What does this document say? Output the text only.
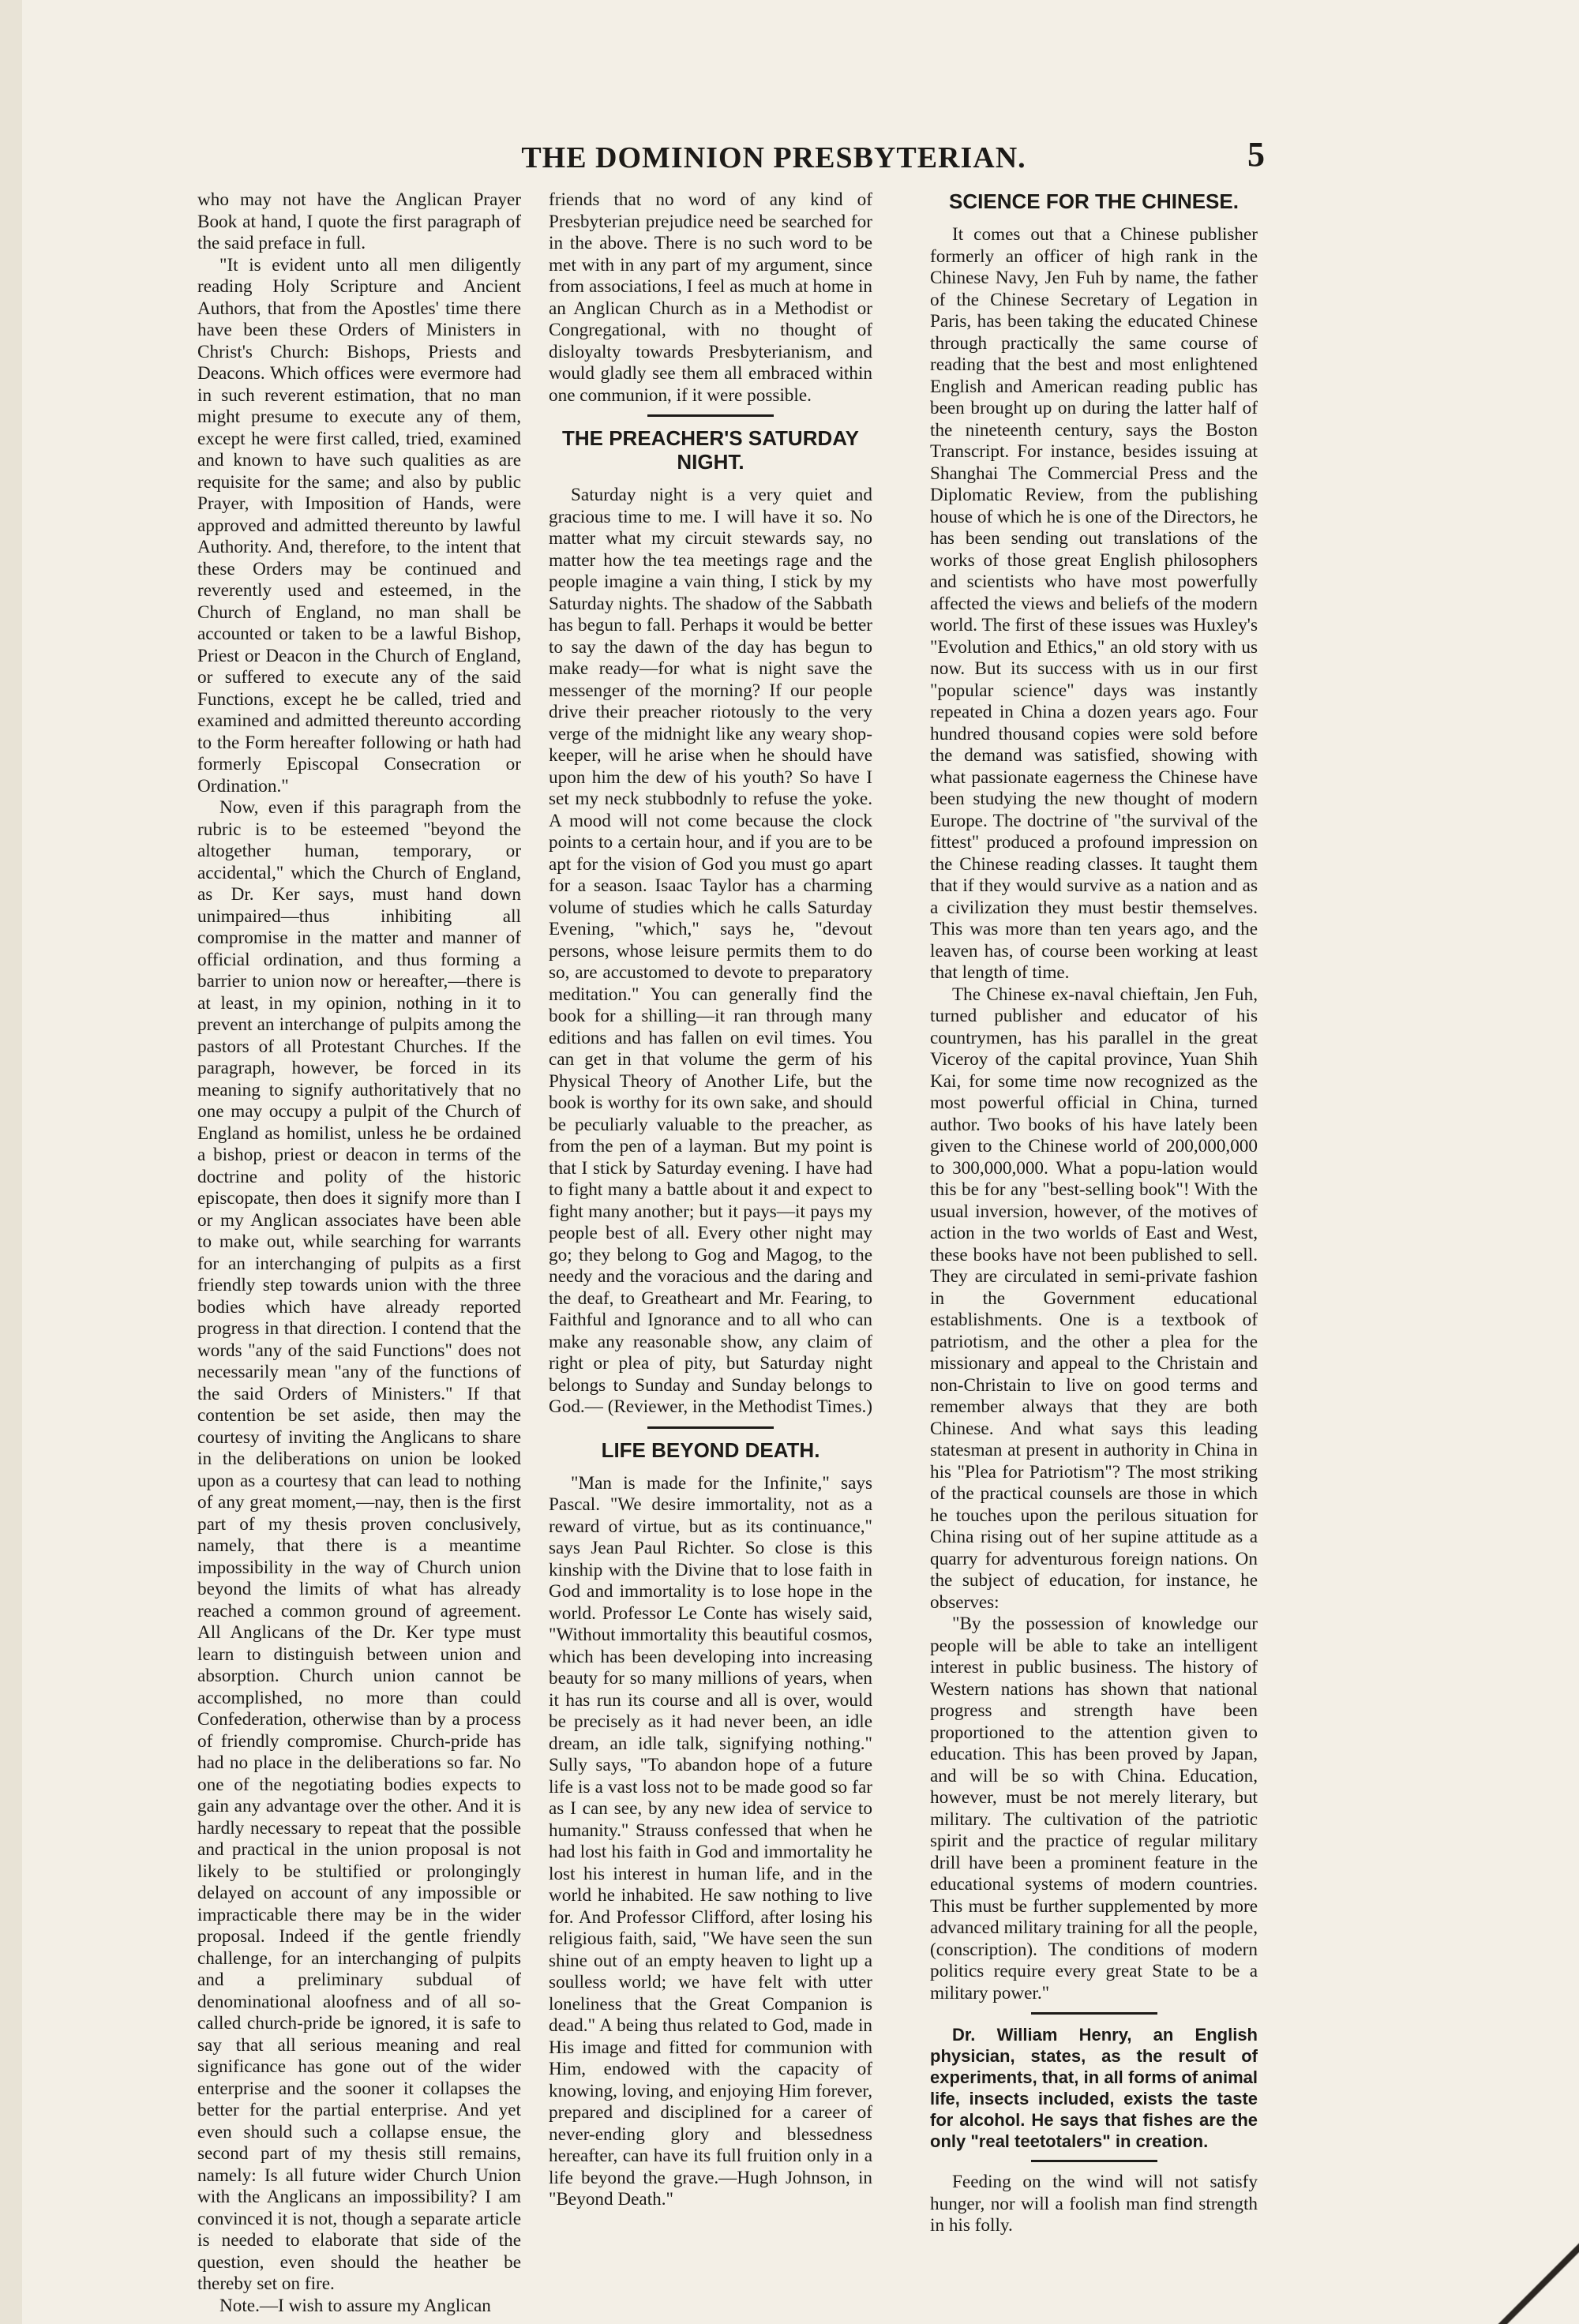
THE DOMINION PRESBYTERIAN.	5

who may not have the Anglican Prayer Book at hand, I quote the first paragraph of the said preface in full.

"It is evident unto all men diligently reading Holy Scripture and Ancient Authors, that from the Apostles' time there have been these Orders of Ministers in Christ's Church: Bishops, Priests and Deacons. Which offices were evermore had in such reverent estimation, that no man might presume to execute any of them, except he were first called, tried, examined and known to have such qualities as are requisite for the same; and also by public Prayer, with Imposition of Hands, were approved and admitted thereunto by lawful Authority. And, therefore, to the intent that these Orders may be continued and reverently used and esteemed, in the Church of England, no man shall be accounted or taken to be a lawful Bishop, Priest or Deacon in the Church of England, or suffered to execute any of the said Functions, except he be called, tried and examined and admitted thereunto according to the Form hereafter following or hath had formerly Episcopal Consecration or Ordination."

Now, even if this paragraph from the rubric is to be esteemed "beyond the altogether human, temporary, or accidental," which the Church of England, as Dr. Ker says, must hand down unimpaired—thus inhibiting all compromise in the matter and manner of official ordination, and thus forming a barrier to union now or hereafter,—there is at least, in my opinion, nothing in it to prevent an interchange of pulpits among the pastors of all Protestant Churches. If the paragraph, however, be forced in its meaning to signify authoritatively that no one may occupy a pulpit of the Church of England as homilist, unless he be ordained a bishop, priest or deacon in terms of the doctrine and polity of the historic episcopate, then does it signify more than I or my Anglican associates have been able to make out, while searching for warrants for an interchanging of pulpits as a first friendly step towards union with the three bodies which have already reported progress in that direction. I contend that the words "any of the said Functions" does not necessarily mean "any of the functions of the said Orders of Ministers." If that contention be set aside, then may the courtesy of inviting the Anglicans to share in the deliberations on union be looked upon as a courtesy that can lead to nothing of any great moment,—nay, then is the first part of my thesis proven conclusively, namely, that there is a meantime impossibility in the way of Church union beyond the limits of what has already reached a common ground of agreement. All Anglicans of the Dr. Ker type must learn to distinguish between union and absorption. Church union cannot be accomplished, no more than could Confederation, otherwise than by a process of friendly compromise. Church-pride has had no place in the deliberations so far. No one of the negotiating bodies expects to gain any advantage over the other. And it is hardly necessary to repeat that the possible and practical in the union proposal is not likely to be stultified or prolongingly delayed on account of any impossible or impracticable there may be in the wider proposal. Indeed if the gentle friendly challenge, for an interchanging of pulpits and a preliminary subdual of denominational aloofness and of all so-called church-pride be ignored, it is safe to say that all serious meaning and real significance has gone out of the wider enterprise and the sooner it collapses the better for the partial enterprise. And yet even should such a collapse ensue, the second part of my thesis still remains, namely: Is all future wider Church Union with the Anglicans an impossibility? I am convinced it is not, though a separate article is needed to elaborate that side of the question, even should the heather be thereby set on fire.

Note.—I wish to assure my Anglican

friends that no word of any kind of Presbyterian prejudice need be searched for in the above. There is no such word to be met with in any part of my argument, since from associations, I feel as much at home in an Anglican Church as in a Methodist or Congregational, with no thought of disloyalty towards Presbyterianism, and would gladly see them all embraced within one communion, if it were possible.

THE PREACHER'S SATURDAY NIGHT.

Saturday night is a very quiet and gracious time to me. I will have it so. No matter what my circuit stewards say, no matter how the tea meetings rage and the people imagine a vain thing, I stick by my Saturday nights. The shadow of the Sabbath has begun to fall. Perhaps it would be better to say the dawn of the day has begun to make ready—for what is night save the messenger of the morning? If our people drive their preacher riotously to the very verge of the midnight like any weary shop-keeper, will he arise when he should have upon him the dew of his youth? So have I set my neck stubbodnly to refuse the yoke. A mood will not come because the clock points to a certain hour, and if you are to be apt for the vision of God you must go apart for a season. Isaac Taylor has a charming volume of studies which he calls Saturday Evening, "which," says he, "devout persons, whose leisure permits them to do so, are accustomed to devote to preparatory meditation." You can generally find the book for a shilling—it ran through many editions and has fallen on evil times. You can get in that volume the germ of his Physical Theory of Another Life, but the book is worthy for its own sake, and should be peculiarly valuable to the preacher, as from the pen of a layman. But my point is that I stick by Saturday evening. I have had to fight many a battle about it and expect to fight many another; but it pays—it pays my people best of all. Every other night may go; they belong to Gog and Magog, to the needy and the voracious and the daring and the deaf, to Greatheart and Mr. Fearing, to Faithful and Ignorance and to all who can make any reasonable show, any claim of right or plea of pity, but Saturday night belongs to Sunday and Sunday belongs to God.— (Reviewer, in the Methodist Times.)

LIFE BEYOND DEATH.

"Man is made for the Infinite," says Pascal. "We desire immortality, not as a reward of virtue, but as its continuance," says Jean Paul Richter. So close is this kinship with the Divine that to lose faith in God and immortality is to lose hope in the world. Professor Le Conte has wisely said, "Without immortality this beautiful cosmos, which has been developing into increasing beauty for so many millions of years, when it has run its course and all is over, would be precisely as it had never been, an idle dream, an idle talk, signifying nothing." Sully says, "To abandon hope of a future life is a vast loss not to be made good so far as I can see, by any new idea of service to humanity." Strauss confessed that when he had lost his faith in God and immortality he lost his interest in human life, and in the world he inhabited. He saw nothing to live for. And Professor Clifford, after losing his religious faith, said, "We have seen the sun shine out of an empty heaven to light up a soulless world; we have felt with utter loneliness that the Great Companion is dead." A being thus related to God, made in His image and fitted for communion with Him, endowed with the capacity of knowing, loving, and enjoying Him forever, prepared and disciplined for a career of never-ending glory and blessedness hereafter, can have its full fruition only in a life beyond the grave.—Hugh Johnson, in "Beyond Death."

SCIENCE FOR THE CHINESE.

It comes out that a Chinese publisher formerly an officer of high rank in the Chinese Navy, Jen Fuh by name, the father of the Chinese Secretary of Legation in Paris, has been taking the educated Chinese through practically the same course of reading that the best and most enlightened English and American reading public has been brought up on during the latter half of the nineteenth century, says the Boston Transcript. For instance, besides issuing at Shanghai The Commercial Press and the Diplomatic Review, from the publishing house of which he is one of the Directors, he has been sending out translations of the works of those great English philosophers and scientists who have most powerfully affected the views and beliefs of the modern world. The first of these issues was Huxley's "Evolution and Ethics," an old story with us now. But its success with us in our first "popular science" days was instantly repeated in China a dozen years ago. Four hundred thousand copies were sold before the demand was satisfied, showing with what passionate eagerness the Chinese have been studying the new thought of modern Europe. The doctrine of "the survival of the fittest" produced a profound impression on the Chinese reading classes. It taught them that if they would survive as a nation and as a civilization they must bestir themselves. This was more than ten years ago, and the leaven has, of course been working at least that length of time.

The Chinese ex-naval chieftain, Jen Fuh, turned publisher and educator of his countrymen, has his parallel in the great Viceroy of the capital province, Yuan Shih Kai, for some time now recognized as the most powerful official in China, turned author. Two books of his have lately been given to the Chinese world of 200,000,000 to 300,000,000. What a popu-lation would this be for any "best-selling book"! With the usual inversion, however, of the motives of action in the two worlds of East and West, these books have not been published to sell. They are circulated in semi-private fashion in the Government educational establishments. One is a textbook of patriotism, and the other a plea for the missionary and appeal to the Christain and non-Christain to live on good terms and remember always that they are both Chinese. And what says this leading statesman at present in authority in China in his "Plea for Patriotism"? The most striking of the practical counsels are those in which he touches upon the perilous situation for China rising out of her supine attitude as a quarry for adventurous foreign nations. On the subject of education, for instance, he observes:

"By the possession of knowledge our people will be able to take an intelligent interest in public business. The history of Western nations has shown that national progress and strength have been proportioned to the attention given to education. This has been proved by Japan, and will be so with China. Education, however, must be not merely literary, but military. The cultivation of the patriotic spirit and the practice of regular military drill have been a prominent feature in the educational systems of modern countries. This must be further supplemented by more advanced military training for all the people, (conscription). The conditions of modern politics require every great State to be a military power."

Dr. William Henry, an English physician, states, as the result of experiments, that, in all forms of animal life, insects included, exists the taste for alcohol. He says that fishes are the only "real teetotalers" in creation.

Feeding on the wind will not satisfy hunger, nor will a foolish man find strength in his folly.
